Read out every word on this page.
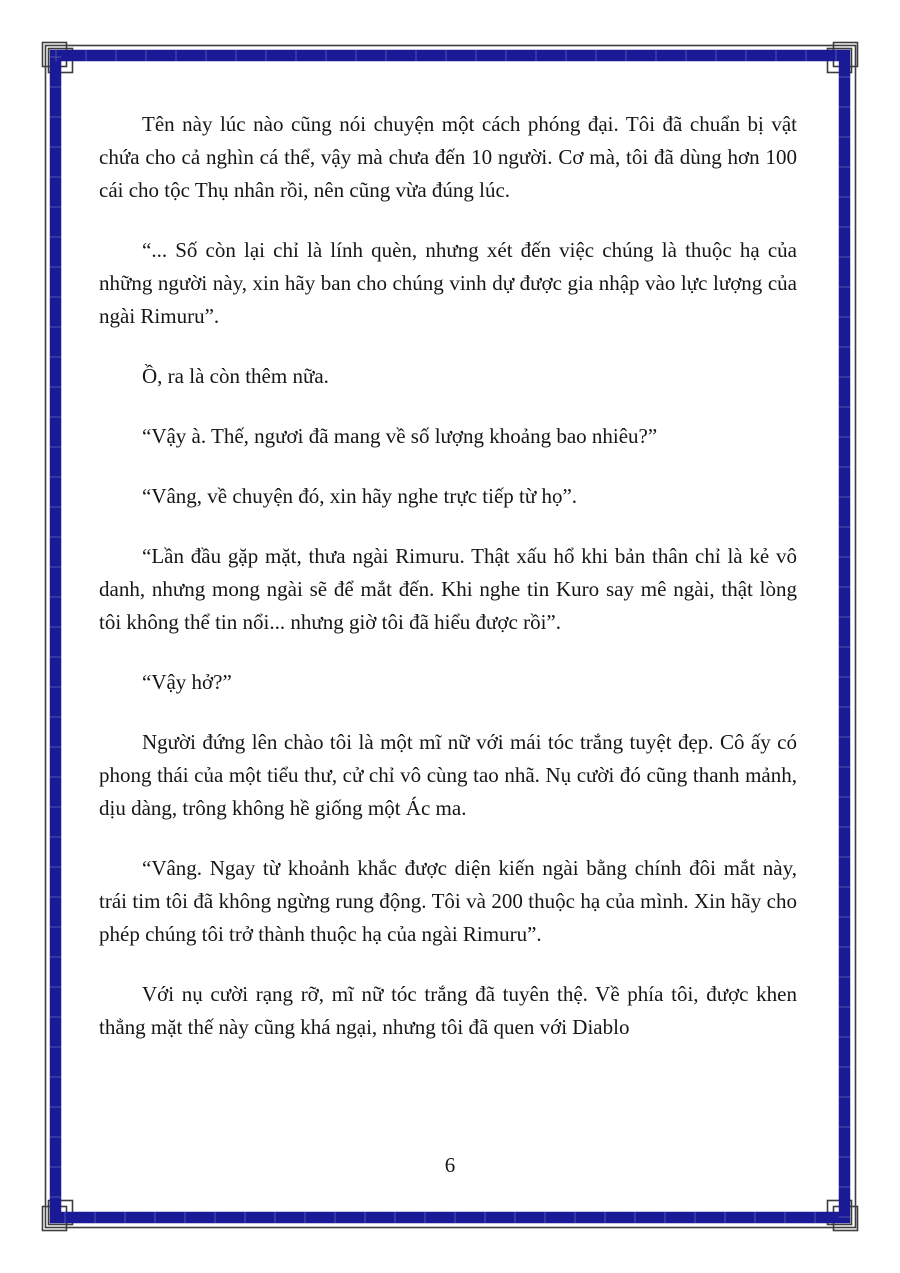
Tên này lúc nào cũng nói chuyện một cách phóng đại. Tôi đã chuẩn bị vật chứa cho cả nghìn cá thể, vậy mà chưa đến 10 người. Cơ mà, tôi đã dùng hơn 100 cái cho tộc Thụ nhân rồi, nên cũng vừa đúng lúc.

“... Số còn lại chỉ là lính quèn, nhưng xét đến việc chúng là thuộc hạ của những người này, xin hãy ban cho chúng vinh dự được gia nhập vào lực lượng của ngài Rimuru”.

Ồ, ra là còn thêm nữa.

“Vậy à. Thế, ngươi đã mang về số lượng khoảng bao nhiêu?”

“Vâng, về chuyện đó, xin hãy nghe trực tiếp từ họ”.

“Lần đầu gặp mặt, thưa ngài Rimuru. Thật xấu hổ khi bản thân chỉ là kẻ vô danh, nhưng mong ngài sẽ để mắt đến. Khi nghe tin Kuro say mê ngài, thật lòng tôi không thể tin nổi... nhưng giờ tôi đã hiểu được rồi”.

“Vậy hở?”

Người đứng lên chào tôi là một mĩ nữ với mái tóc trắng tuyệt đẹp. Cô ấy có phong thái của một tiểu thư, cử chỉ vô cùng tao nhã. Nụ cười đó cũng thanh mảnh, dịu dàng, trông không hề giống một Ác ma.

“Vâng. Ngay từ khoảnh khắc được diện kiến ngài bằng chính đôi mắt này, trái tim tôi đã không ngừng rung động. Tôi và 200 thuộc hạ của mình. Xin hãy cho phép chúng tôi trở thành thuộc hạ của ngài Rimuru”.

Với nụ cười rạng rỡ, mĩ nữ tóc trắng đã tuyên thệ. Về phía tôi, được khen thẳng mặt thế này cũng khá ngại, nhưng tôi đã quen với Diablo

6
